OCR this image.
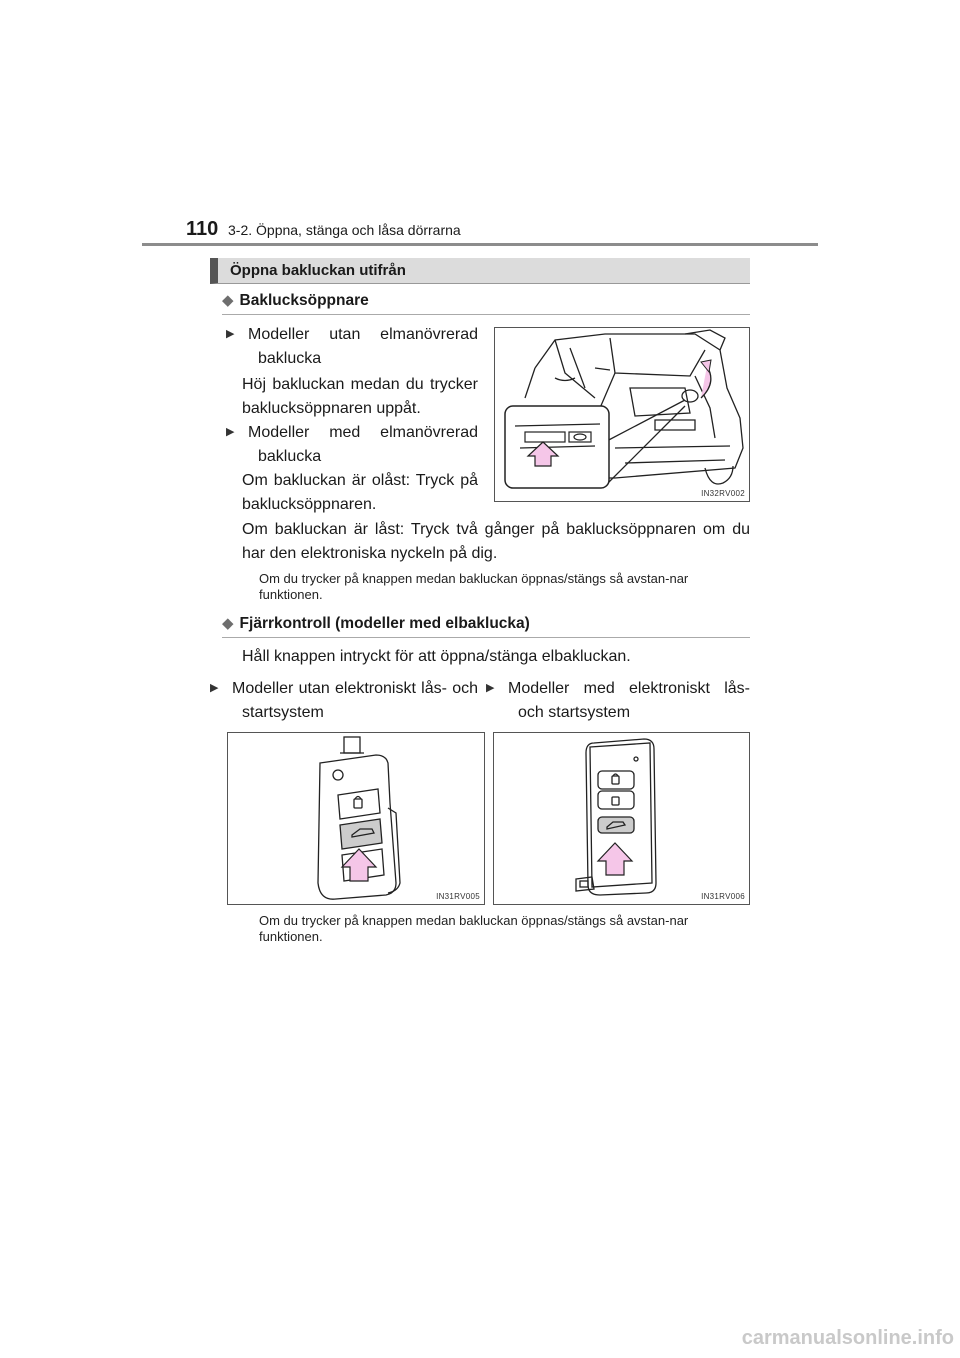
110 3-2. Öppna, stänga och låsa dörrarna
Öppna bakluckan utifrån
◆ Baklucksöppnare
▶ Modeller utan elmanövrerad baklucka
Höj bakluckan medan du trycker baklucksöppnaren uppåt.
▶ Modeller med elmanövrerad baklucka
Om bakluckan är olåst: Tryck på baklucksöppnaren.
IN32RV002
Om bakluckan är låst: Tryck två gånger på baklucksöppnaren om du har den elektroniska nyckeln på dig.
Om du trycker på knappen medan bakluckan öppnas/stängs så avstan-nar funktionen.
◆ Fjärrkontroll (modeller med elbaklucka)
Håll knappen intryckt för att öppna/stänga elbakluckan.
▶ Modeller utan elektroniskt lås- och startsystem
▶ Modeller med elektroniskt lås- och startsystem
IN31RV005	IN31RV006
Om du trycker på knappen medan bakluckan öppnas/stängs så avstan-nar funktionen.
carmanualsonline.info
